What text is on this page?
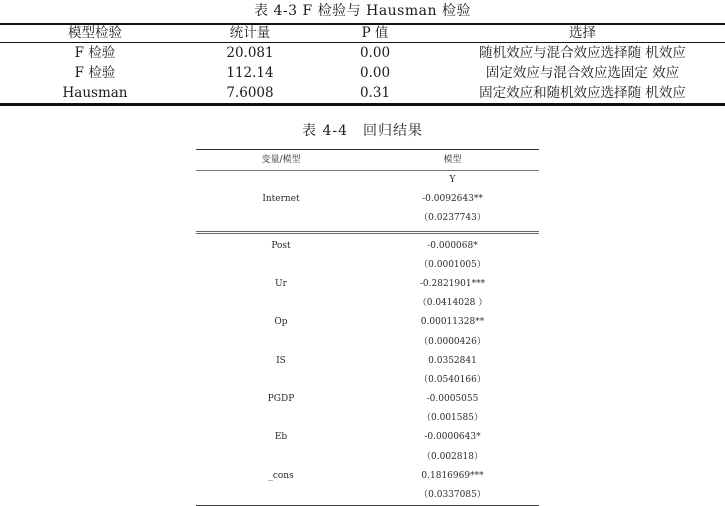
表 4-3 F 检验与 Hausman 检验
模型检验	统计量	P 值	选择
F 检验	20.081	0.00	随机效应与混合效应选择随 机效应
F 检验	112.14	0.00	固定效应与混合效应选固定 效应
Hausman	7.6008	0.31	固定效应和随机效应选择随 机效应
表 4-4　回归结果
变量/模型	模型
Y
Internet	-0.0092643**
（0.0237743）
Post	-0.000068*
（0.0001005）
Ur	-0.2821901***
（0.0414028 ）
Op	0.00011328**
（0.0000426）
IS	0.0352841
（0.0540166）
PGDP	-0.0005055
（0.001585）
Eb	-0.0000643*
（0.002818）
_cons	0.1816969***
（0.0337085）
